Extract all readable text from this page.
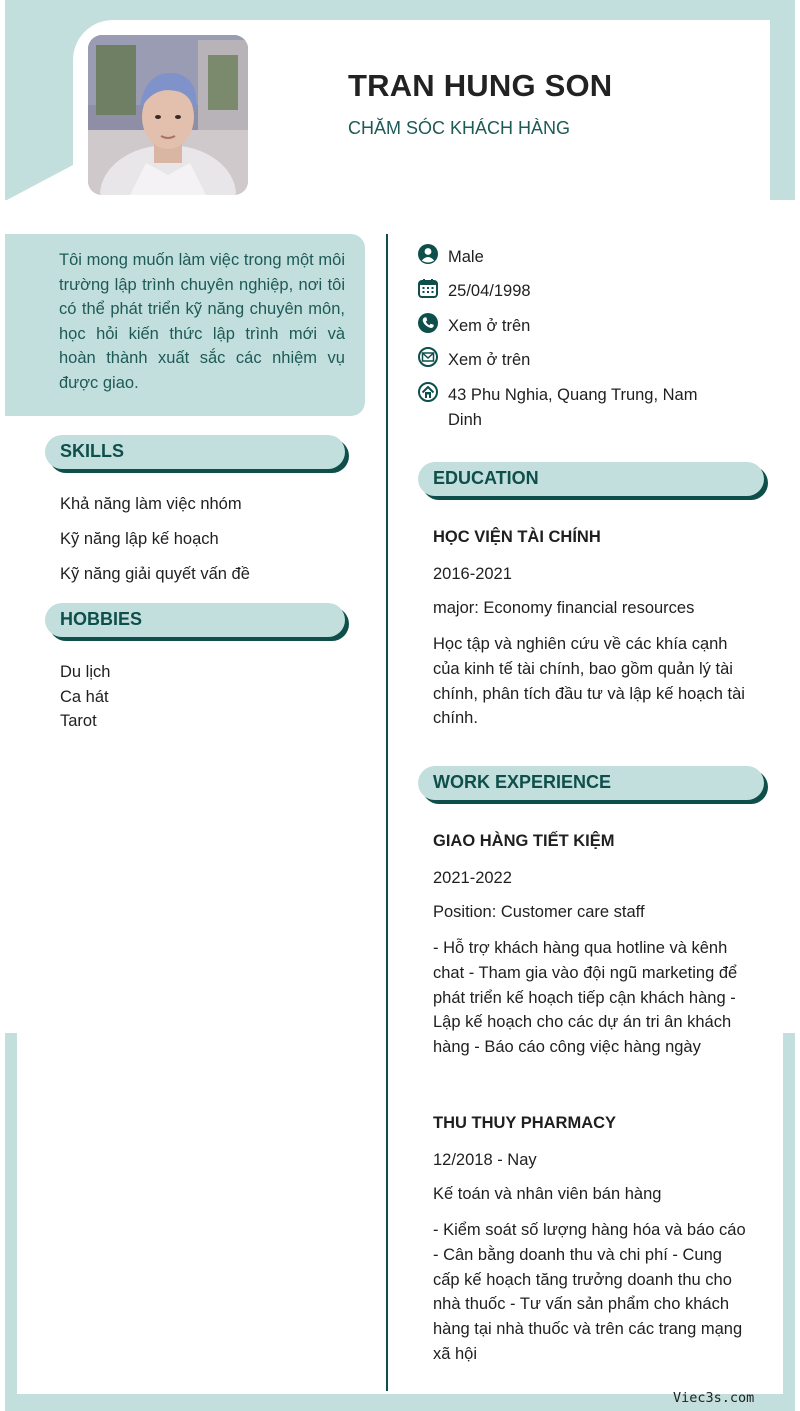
TRAN HUNG SON
CHĂM SÓC KHÁCH HÀNG
Tôi mong muốn làm việc trong một môi trường lập trình chuyên nghiệp, nơi tôi có thể phát triển kỹ năng chuyên môn, học hỏi kiến thức lập trình mới và hoàn thành xuất sắc các nhiệm vụ được giao.
SKILLS
Khả năng làm việc nhóm
Kỹ năng lập kế hoạch
Kỹ năng giải quyết vấn đề
HOBBIES
Du lịch
Ca hát
Tarot
Male
25/04/1998
Xem ở trên
Xem ở trên
43 Phu Nghia, Quang Trung, Nam Dinh
EDUCATION
HỌC VIỆN TÀI CHÍNH
2016-2021
major: Economy financial resources
Học tập và nghiên cứu về các khía cạnh của kinh tế tài chính, bao gồm quản lý tài chính, phân tích đầu tư và lập kế hoạch tài chính.
WORK EXPERIENCE
GIAO HÀNG TIẾT KIỆM
2021-2022
Position: Customer care staff
- Hỗ trợ khách hàng qua hotline và kênh chat - Tham gia vào đội ngũ marketing để phát triển kế hoạch tiếp cận khách hàng - Lập kế hoạch cho các dự án tri ân khách hàng - Báo cáo công việc hàng ngày
THU THUY PHARMACY
12/2018 - Nay
Kế toán và nhân viên bán hàng
- Kiểm soát số lượng hàng hóa và báo cáo - Cân bằng doanh thu và chi phí - Cung cấp kế hoạch tăng trưởng doanh thu cho nhà thuốc - Tư vấn sản phẩm cho khách hàng tại nhà thuốc và trên các trang mạng xã hội
Viec3s.com
